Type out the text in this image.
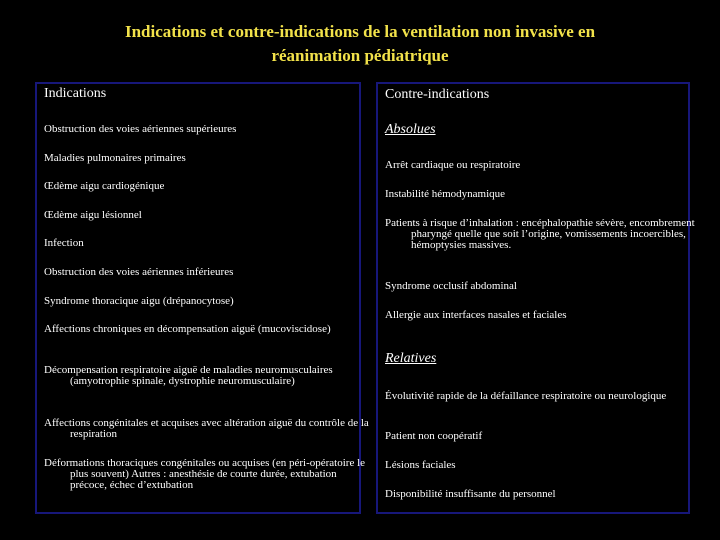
Indications et contre-indications de la ventilation non invasive en
réanimation pédiatrique
Indications
Obstruction des voies aériennes supérieures
Maladies pulmonaires primaires
Œdème aigu cardiogénique
Œdème aigu lésionnel
Infection
Obstruction des voies aériennes inférieures
Syndrome thoracique aigu (drépanocytose)
Affections chroniques en décompensation aiguë (mucoviscidose)
Décompensation respiratoire aiguë de maladies neuromusculaires (amyotrophie spinale, dystrophie neuromusculaire)
Affections congénitales et acquises avec altération aiguë du contrôle de la respiration
Déformations thoraciques congénitales ou acquises (en péri-opératoire le plus souvent) Autres : anesthésie de courte durée, extubation précoce, échec d’extubation
Contre-indications
Absolues
Arrêt cardiaque ou respiratoire
Instabilité hémodynamique
Patients à risque d’inhalation : encéphalopathie sévère, encombrement pharyngé quelle que soit l’origine, vomissements incoercibles, hémoptysies massives.
Syndrome occlusif abdominal
Allergie aux interfaces nasales et faciales
Relatives
Évolutivité rapide de la défaillance respiratoire ou neurologique
Patient non coopératif
Lésions faciales
Disponibilité insuffisante du personnel
